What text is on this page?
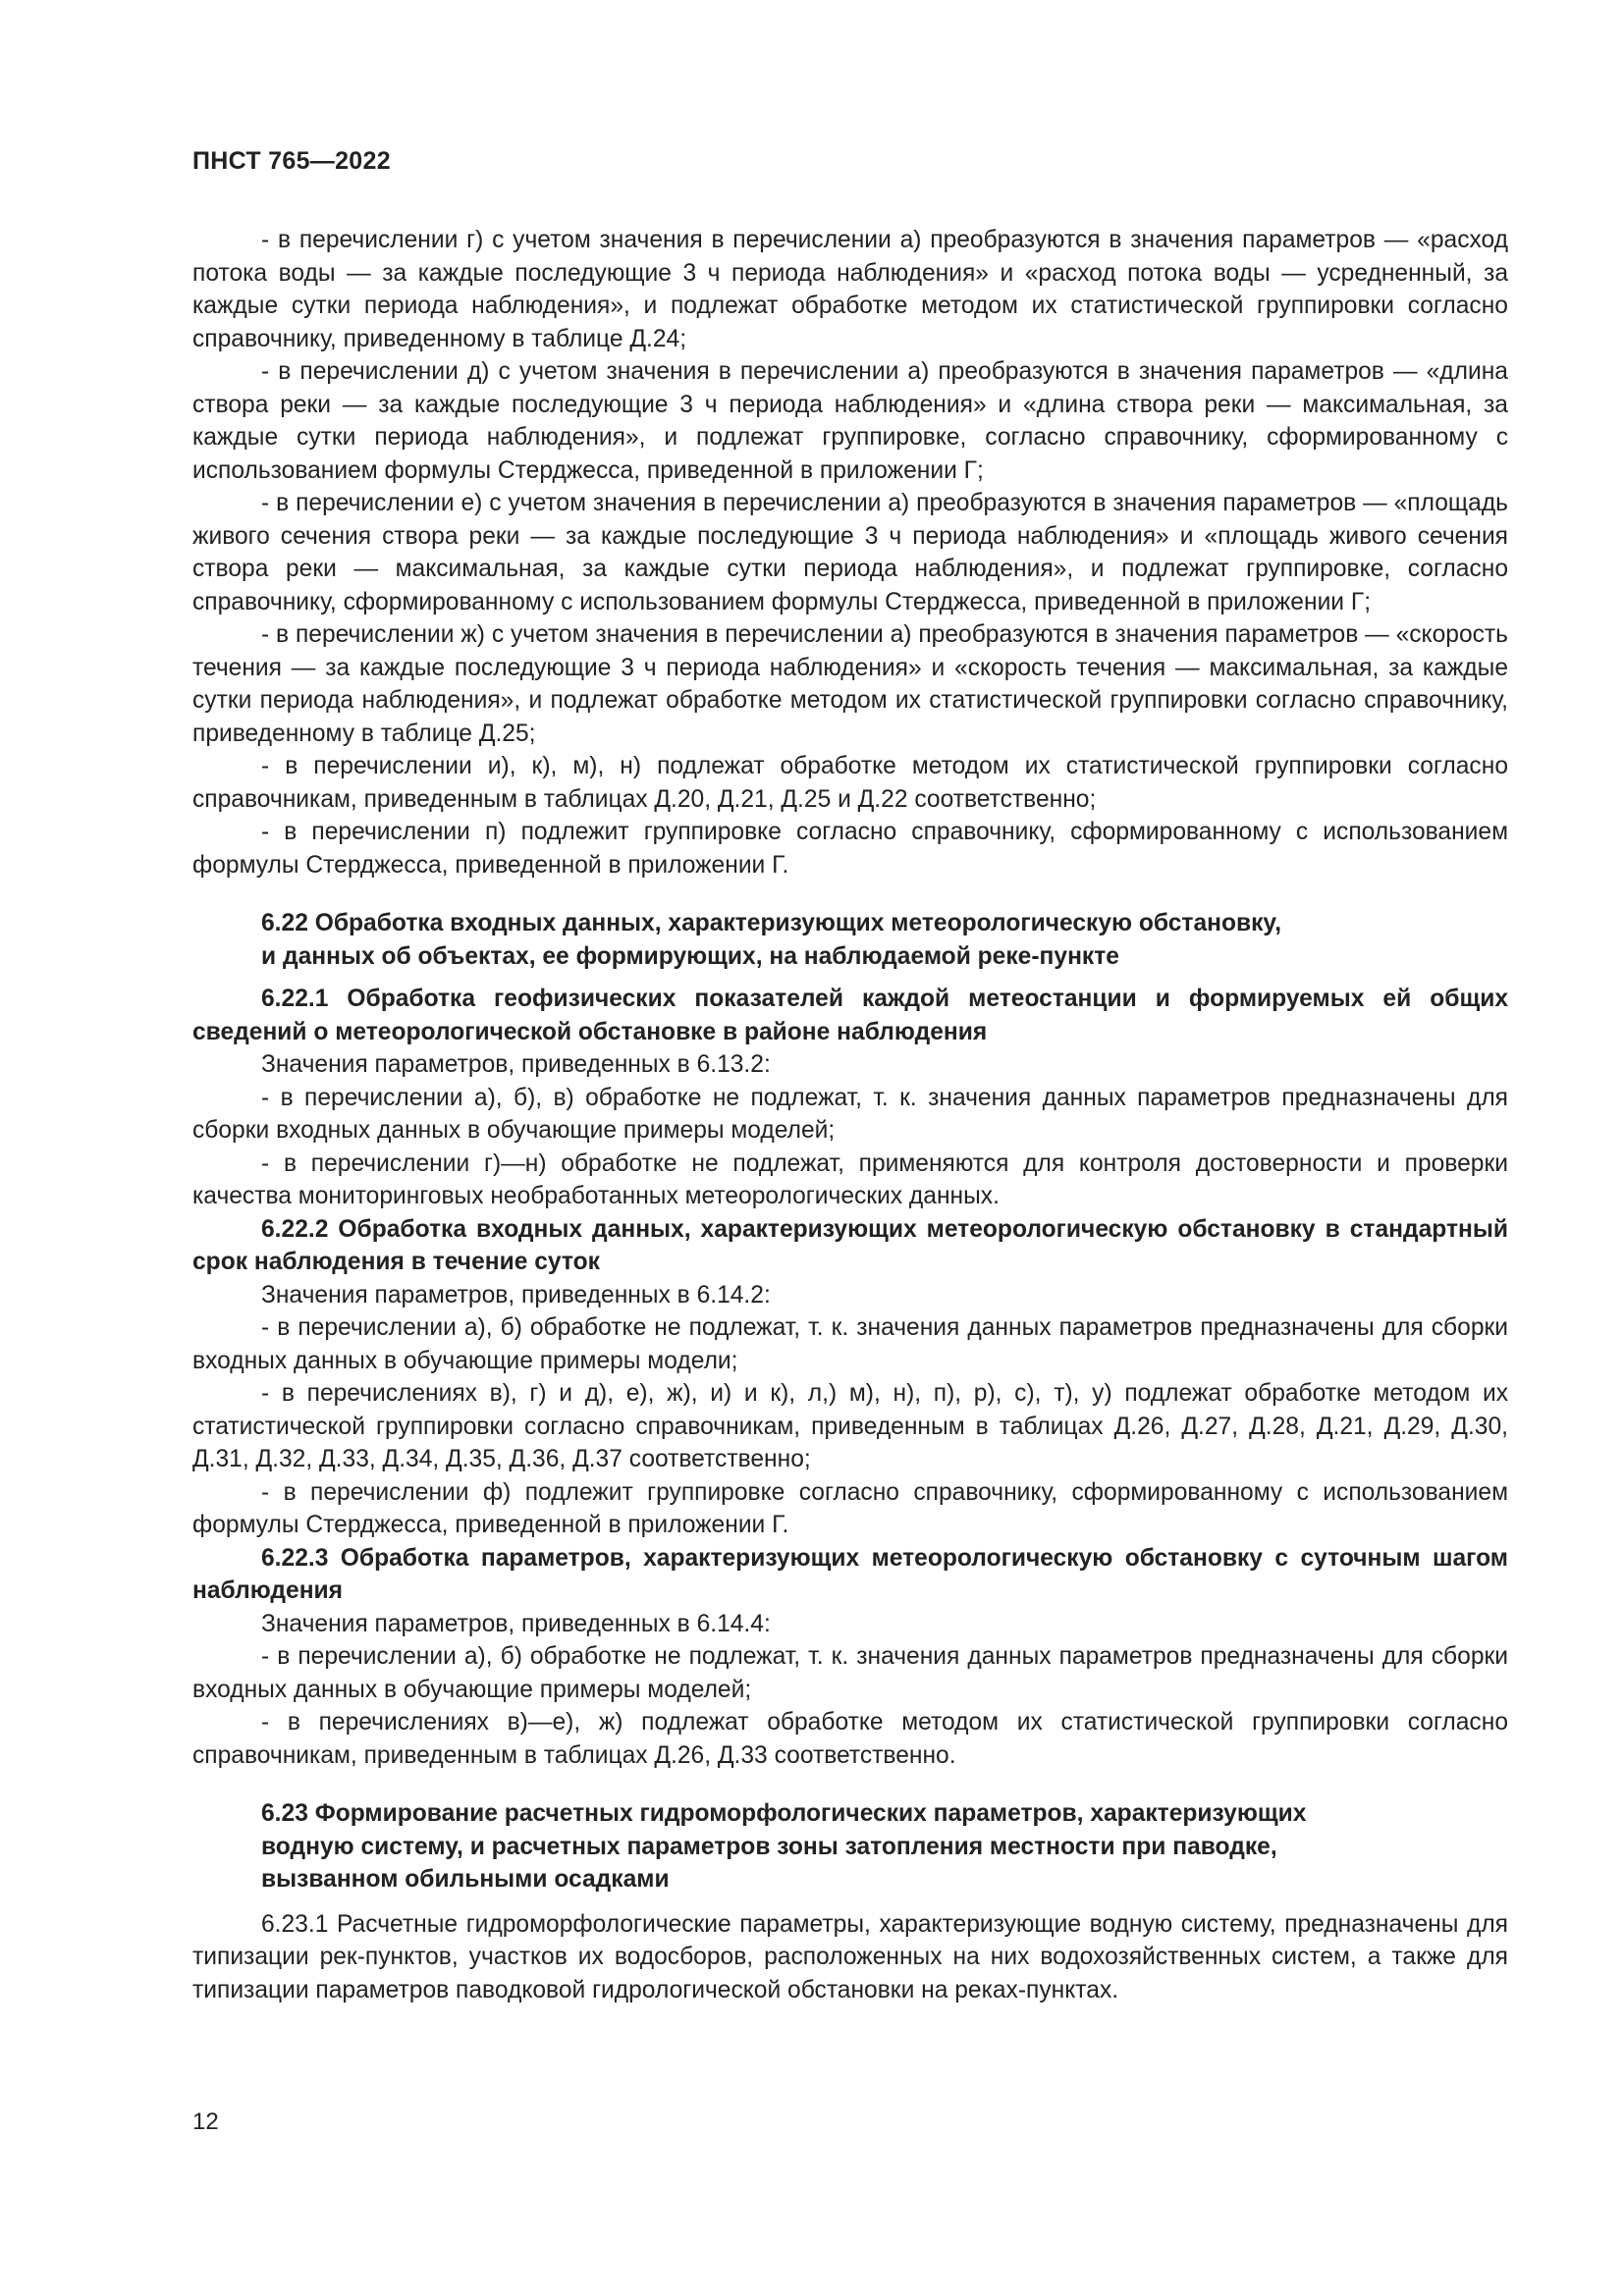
ПНСТ 765—2022

- в перечислении г) с учетом значения в перечислении а) преобразуются в значения параметров — «расход потока воды — за каждые последующие 3 ч периода наблюдения» и «расход потока воды — усредненный, за каждые сутки периода наблюдения», и подлежат обработке методом их статистической группировки согласно справочнику, приведенному в таблице Д.24;

- в перечислении д) с учетом значения в перечислении а) преобразуются в значения параметров — «длина створа реки — за каждые последующие 3 ч периода наблюдения» и «длина створа реки — максимальная, за каждые сутки периода наблюдения», и подлежат группировке, согласно справочнику, сформированному с использованием формулы Стерджесса, приведенной в приложении Г;

- в перечислении е) с учетом значения в перечислении а) преобразуются в значения параметров — «площадь живого сечения створа реки — за каждые последующие 3 ч периода наблюдения» и «площадь живого сечения створа реки — максимальная, за каждые сутки периода наблюдения», и подлежат группировке, согласно справочнику, сформированному с использованием формулы Стерджесса, приведенной в приложении Г;

- в перечислении ж) с учетом значения в перечислении а) преобразуются в значения параметров — «скорость течения — за каждые последующие 3 ч периода наблюдения» и «скорость течения — максимальная, за каждые сутки периода наблюдения», и подлежат обработке методом их статистической группировки согласно справочнику, приведенному в таблице Д.25;

- в перечислении и), к), м), н) подлежат обработке методом их статистической группировки согласно справочникам, приведенным в таблицах Д.20, Д.21, Д.25 и Д.22 соответственно;

- в перечислении п) подлежит группировке согласно справочнику, сформированному с использованием формулы Стерджесса, приведенной в приложении Г.

6.22 Обработка входных данных, характеризующих метеорологическую обстановку,
и данных об объектах, ее формирующих, на наблюдаемой реке-пункте

6.22.1 Обработка геофизических показателей каждой метеостанции и формируемых ей общих сведений о метеорологической обстановке в районе наблюдения

Значения параметров, приведенных в 6.13.2:

- в перечислении а), б), в) обработке не подлежат, т. к. значения данных параметров предназначены для сборки входных данных в обучающие примеры моделей;

- в перечислении г)—н) обработке не подлежат, применяются для контроля достоверности и проверки качества мониторинговых необработанных метеорологических данных.

6.22.2 Обработка входных данных, характеризующих метеорологическую обстановку в стандартный срок наблюдения в течение суток

Значения параметров, приведенных в 6.14.2:

- в перечислении а), б) обработке не подлежат, т. к. значения данных параметров предназначены для сборки входных данных в обучающие примеры модели;

- в перечислениях в), г) и д), е), ж), и) и к), л,) м), н), п), р), с), т), у) подлежат обработке методом их статистической группировки согласно справочникам, приведенным в таблицах Д.26, Д.27, Д.28, Д.21, Д.29, Д.30, Д.31, Д.32, Д.33, Д.34, Д.35, Д.36, Д.37 соответственно;

- в перечислении ф) подлежит группировке согласно справочнику, сформированному с использованием формулы Стерджесса, приведенной в приложении Г.

6.22.3 Обработка параметров, характеризующих метеорологическую обстановку с суточным шагом наблюдения

Значения параметров, приведенных в 6.14.4:

- в перечислении а), б) обработке не подлежат, т. к. значения данных параметров предназначены для сборки входных данных в обучающие примеры моделей;

- в перечислениях в)—е), ж) подлежат обработке методом их статистической группировки согласно справочникам, приведенным в таблицах Д.26, Д.33 соответственно.

6.23 Формирование расчетных гидроморфологических параметров, характеризующих
водную систему, и расчетных параметров зоны затопления местности при паводке,
вызванном обильными осадками

6.23.1 Расчетные гидроморфологические параметры, характеризующие водную систему, предназначены для типизации рек-пунктов, участков их водосборов, расположенных на них водохозяйственных систем, а также для типизации параметров паводковой гидрологической обстановки на реках-пунктах.

12
